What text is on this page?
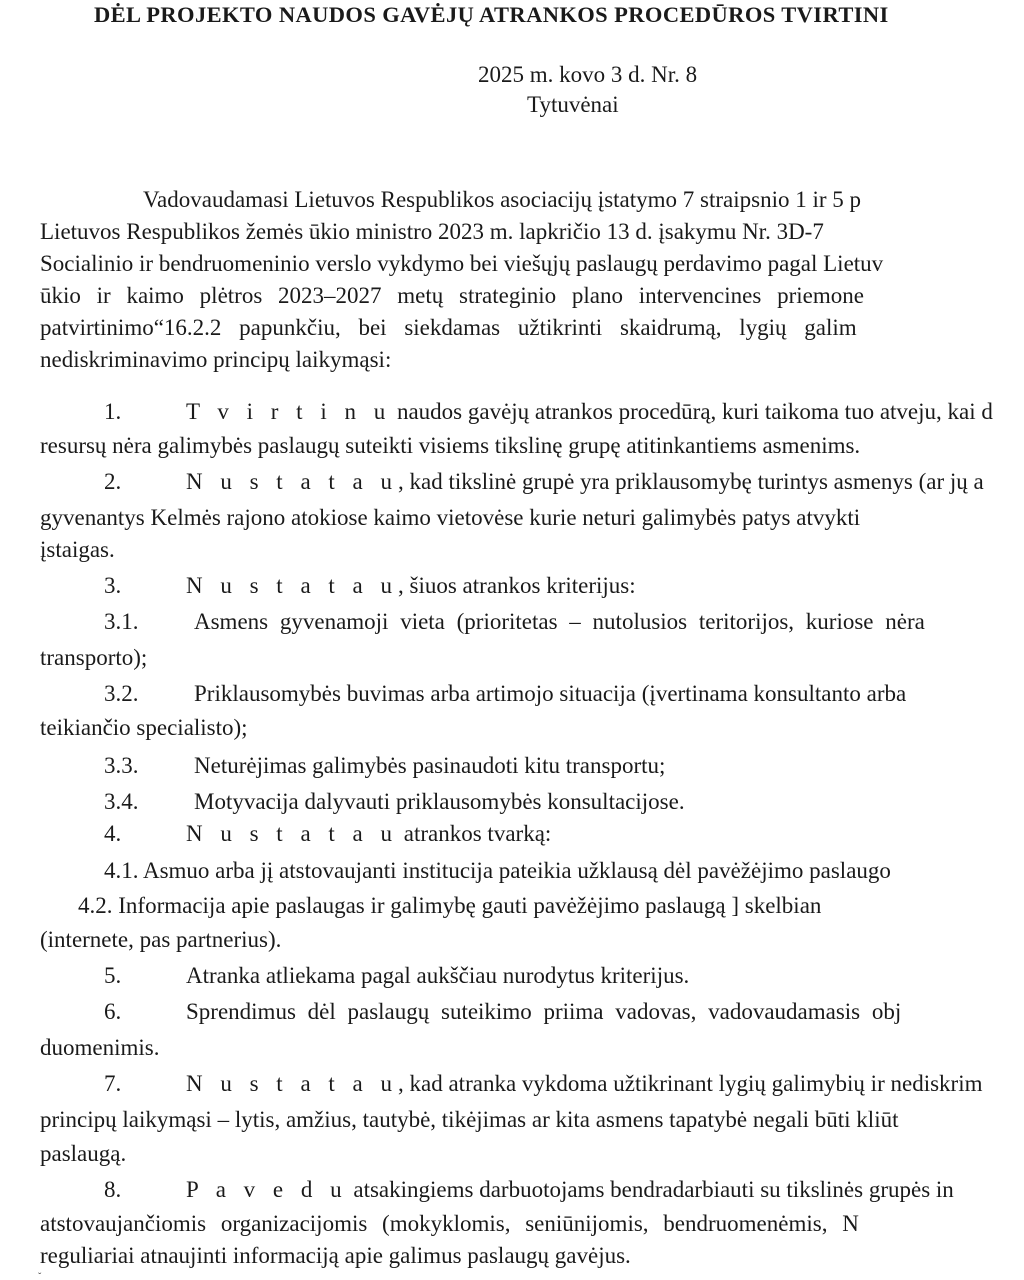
DĖL PROJEKTO NAUDOS GAVĖJŲ ATRANKOS PROCEDŪROS TVIRTINI
2025 m. kovo 3 d. Nr. 8
Tytuvėnai
Vadovaudamasi Lietuvos Respublikos asociacijų įstatymo 7 straipsnio 1 ir 5 p
Lietuvos Respublikos žemės ūkio ministro 2023 m. lapkričio 13 d. įsakymu Nr. 3D-7
Socialinio ir bendruomeninio verslo vykdymo bei viešųjų paslaugų perdavimo pagal Lietuv
ūkio ir kaimo plėtros 2023–2027 metų strateginio plano intervencines priemone
patvirtinimo“16.2.2 papunkčiu, bei siekdamas užtikrinti skaidrumą, lygių galim
nediskriminavimo principų laikymąsi:
1.	T v i r t i n u naudos gavėjų atrankos procedūrą, kuri taikoma tuo atveju, kai d
resursų nėra galimybės paslaugų suteikti visiems tikslinę grupę atitinkantiems asmenims.
2.	N u s t a t a u, kad tikslinė grupė yra priklausomybę turintys asmenys (ar jų a
gyvenantys Kelmės rajono atokiose kaimo vietovėse kurie neturi galimybės patys atvykti
įstaigas.
3.	N u s t a t a u, šiuos atrankos kriterijus:
3.1. Asmens gyvenamoji vieta (prioritetas – nutolusios teritorijos, kuriose nėra
transporto);
3.2. Priklausomybės buvimas arba artimojo situacija (įvertinama konsultanto arba
teikiančio specialisto);
3.3. Neturėjimas galimybės pasinaudoti kitu transportu;
3.4. Motyvacija dalyvauti priklausomybės konsultacijose.
4.	N u s t a t a u atrankos tvarką:
4.1. Asmuo arba jį atstovaujanti institucija pateikia užklausą dėl pavėžėjimo paslaugo
4.2. Informacija apie paslaugas ir galimybę gauti pavėžėjimo paslaugą ] skelbian
(internete, pas partnerius).
5.	Atranka atliekama pagal aukščiau nurodytus kriterijus.
6.	Sprendimus dėl paslaugų suteikimo priima vadovas, vadovaudamasis obj
duomenimis.
7.	N u s t a t a u, kad atranka vykdoma užtikrinant lygių galimybių ir nediskrim
principų laikymąsi – lytis, amžius, tautybė, tikėjimas ar kita asmens tapatybė negali būti kliūt
paslaugą.
8.	P a v e d u atsakingiems darbuotojams bendradarbiauti su tikslinės grupės in
atstovaujančiomis organizacijomis (mokyklomis, seniūnijomis, bendruomenėmis, N
reguliariai atnaujinti informaciją apie galimus paslaugų gavėjus.
ˇ
